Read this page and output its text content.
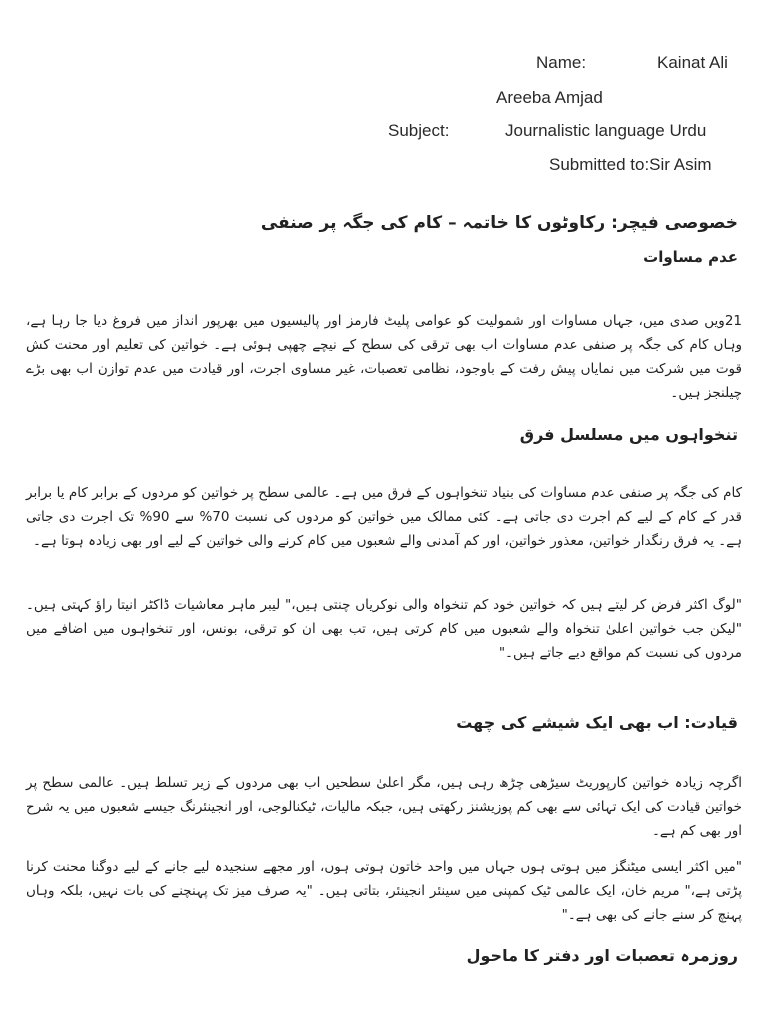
Name:	Kainat Ali
Areeba Amjad
Subject:	Journalistic language Urdu
Submitted to:Sir Asim
خصوصی فیچر: رکاوٹوں کا خاتمہ – کام کی جگہ پر صنفی
عدم مساوات
21ویں صدی میں، جہاں مساوات اور شمولیت کو عوامی پلیٹ فارمز اور پالیسیوں میں بھرپور انداز میں فروغ دیا جا رہا ہے، وہاں کام کی جگہ پر صنفی عدم مساوات اب بھی ترقی کی سطح کے نیچے چھپی ہوئی ہے۔ خواتین کی تعلیم اور محنت کش قوت میں شرکت میں نمایاں پیش رفت کے باوجود، نظامی تعصبات، غیر مساوی اجرت، اور قیادت میں عدم توازن اب بھی بڑے چیلنجز ہیں۔
تنخواہوں میں مسلسل فرق
کام کی جگہ پر صنفی عدم مساوات کی بنیاد تنخواہوں کے فرق میں ہے۔ عالمی سطح پر خواتین کو مردوں کے برابر کام یا برابر قدر کے کام کے لیے کم اجرت دی جاتی ہے۔ کئی ممالک میں خواتین کو مردوں کی نسبت 70% سے 90% تک اجرت دی جاتی ہے۔ یہ فرق رنگدار خواتین، معذور خواتین، اور کم آمدنی والے شعبوں میں کام کرنے والی خواتین کے لیے اور بھی زیادہ ہوتا ہے۔
"لوگ اکثر فرض کر لیتے ہیں کہ خواتین خود کم تنخواہ والی نوکریاں چنتی ہیں،" لیبر ماہر معاشیات ڈاکٹر انیتا راؤ کہتی ہیں۔ "لیکن جب خواتین اعلیٰ تنخواہ والے شعبوں میں کام کرتی ہیں، تب بھی ان کو ترقی، بونس، اور تنخواہوں میں اضافے میں مردوں کی نسبت کم مواقع دیے جاتے ہیں۔"
قیادت: اب بھی ایک شیشے کی چھت
اگرچہ زیادہ خواتین کارپوریٹ سیڑھی چڑھ رہی ہیں، مگر اعلیٰ سطحیں اب بھی مردوں کے زیر تسلط ہیں۔ عالمی سطح پر خواتین قیادت کی ایک تہائی سے بھی کم پوزیشنز رکھتی ہیں، جبکہ مالیات، ٹیکنالوجی، اور انجینئرنگ جیسے شعبوں میں یہ شرح اور بھی کم ہے۔
"میں اکثر ایسی میٹنگز میں ہوتی ہوں جہاں میں واحد خاتون ہوتی ہوں، اور مجھے سنجیدہ لیے جانے کے لیے دوگنا محنت کرنا پڑتی ہے،" مریم خان، ایک عالمی ٹیک کمپنی میں سینئر انجینئر، بتاتی ہیں۔ "یہ صرف میز تک پہنچنے کی بات نہیں، بلکہ وہاں پہنچ کر سنے جانے کی بھی ہے۔"
روزمرہ تعصبات اور دفتر کا ماحول
